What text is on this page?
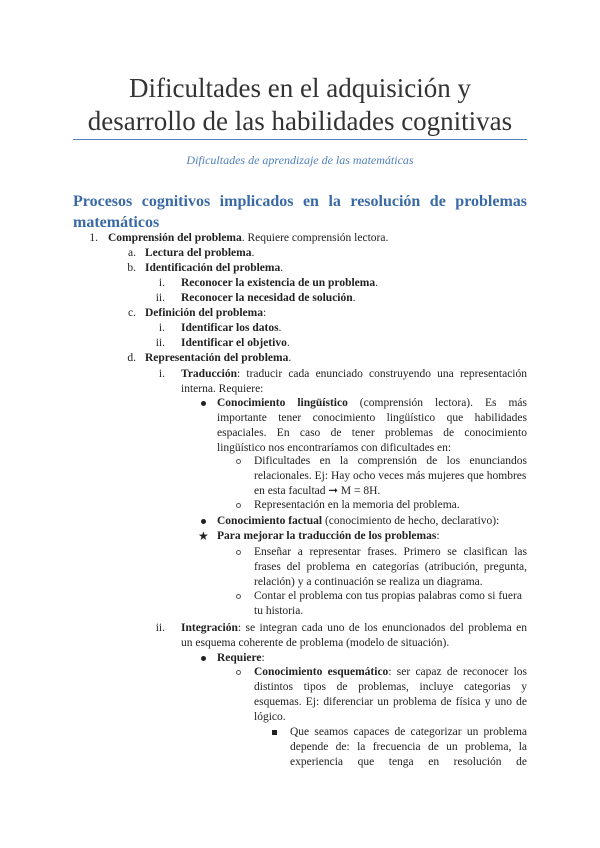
Dificultades en el adquisición y
desarrollo de las habilidades cognitivas
Dificultades de aprendizaje de las matemáticas
Procesos cognitivos implicados en la resolución de problemas matemáticos
1. Comprensión del problema. Requiere comprensión lectora.
a. Lectura del problema.
b. Identificación del problema.
i. Reconocer la existencia de un problema.
ii. Reconocer la necesidad de solución.
c. Definición del problema:
i. Identificar los datos.
ii. Identificar el objetivo.
d. Representación del problema.
i. Traducción: traducir cada enunciado construyendo una representación
interna. Requiere:
Conocimiento lingüístico (comprensión lectora). Es más
importante tener conocimiento lingüístico que habilidades
espaciales. En caso de tener problemas de conocimiento
lingüístico nos encontraríamos con dificultades en:
Dificultades en la comprensión de los enunciandos
relacionales. Ej: Hay ocho veces más mujeres que hombres
en esta facultad ➞ M = 8H.
Representación en la memoria del problema.
Conocimiento factual (conocimiento de hecho, declarativo):
★ Para mejorar la traducción de los problemas:
Enseñar a representar frases. Primero se clasifican las
frases del problema en categorías (atribución, pregunta,
relación) y a continuación se realiza un diagrama.
Contar el problema con tus propias palabras como si fuera
tu historia.
ii. Integración: se integran cada uno de los enuncionados del problema en
un esquema coherente de problema (modelo de situación).
Requiere:
Conocimiento esquemático: ser capaz de reconocer los
distintos tipos de problemas, incluye categorias y
esquemas. Ej: diferenciar un problema de física y uno de
lógico.
Que seamos capaces de categorizar un problema
depende de: la frecuencia de un problema, la
experiencia que tenga en resolución de
